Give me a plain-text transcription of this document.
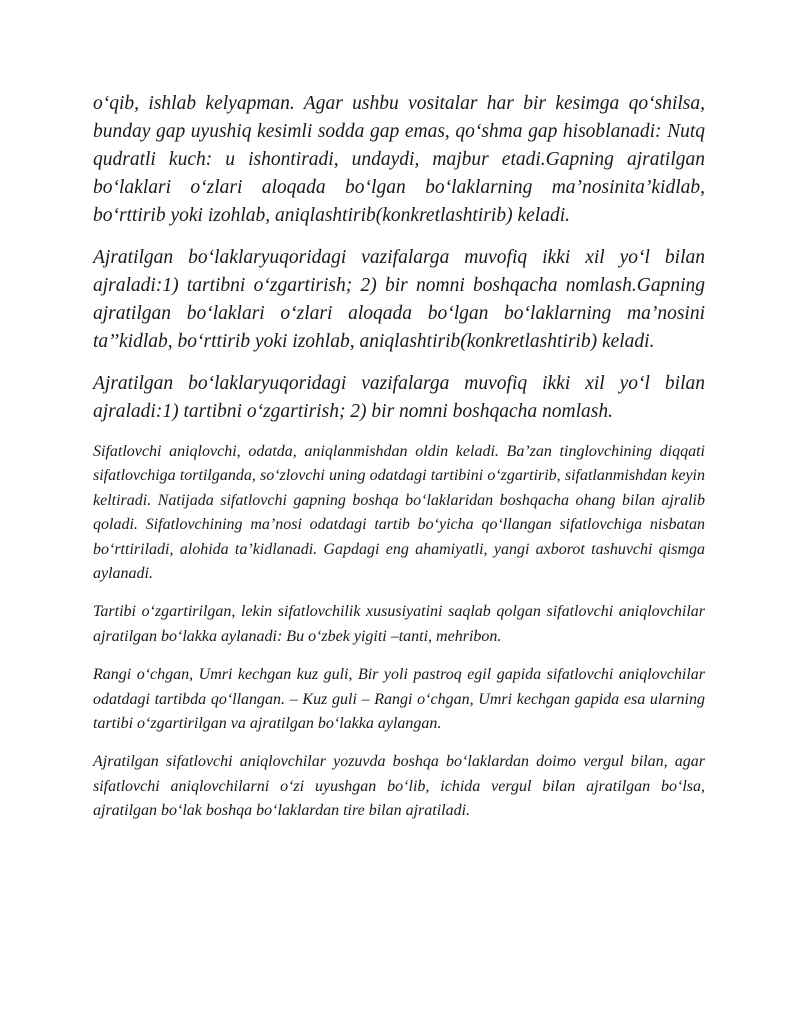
o‘qib, ishlab kelyapman. Agar ushbu vositalar har bir kesimga qo‘shilsa, bunday gap uyushiq kesimli sodda gap emas, qo‘shma gap hisoblanadi: Nutq qudratli kuch: u ishontiradi, undaydi, majbur etadi.Gapning ajratilgan bo‘laklari o‘zlari aloqada bo‘lgan bo‘laklarning ma’nosinita’kidlab, bo‘rttirib yoki izohlab, aniqlashtirib(konkretlashtirib) keladi.

Ajratilgan bo‘laklaryuqoridagi vazifalarga muvofiq ikki xil yo‘l bilan ajraladi:1) tartibni o‘zgartirish; 2) bir nomni boshqacha nomlash.Gapning ajratilgan bo‘laklari o‘zlari aloqada bo‘lgan bo‘laklarning ma’nosini ta’’kidlab, bo‘rttirib yoki izohlab, aniqlashtirib(konkretlashtirib) keladi.

Ajratilgan bo‘laklaryuqoridagi vazifalarga muvofiq ikki xil yo‘l bilan ajraladi:1) tartibni o‘zgartirish; 2) bir nomni boshqacha nomlash.

Sifatlovchi aniqlovchi, odatda, aniqlanmishdan oldin keladi. Ba’zan tinglovchining diqqati sifatlovchiga tortilganda, so‘zlovchi uning odatdagi tartibini o‘zgartirib, sifatlanmishdan keyin keltiradi. Natijada sifatlovchi gapning boshqa bo‘laklaridan boshqacha ohang bilan ajralib qoladi. Sifatlovchining ma’nosi odatdagi tartib bo‘yicha qo‘llangan sifatlovchiga nisbatan bo‘rttiriladi, alohida ta’kidlanadi. Gapdagi eng ahamiyatli, yangi axborot tashuvchi qismga aylanadi.

Tartibi o‘zgartirilgan, lekin sifatlovchilik xususiyatini saqlab qolgan sifatlovchi aniqlovchilar ajratilgan bo‘lakka aylanadi: Bu o‘zbek yigiti –tanti, mehribon.

Rangi o‘chgan, Umri kechgan kuz guli, Bir yoli pastroq egil gapida sifatlovchi aniqlovchilar odatdagi tartibda qo‘llangan. – Kuz guli – Rangi o‘chgan, Umri kechgan gapida esa ularning tartibi o‘zgartirilgan va ajratilgan bo‘lakka aylangan.

Ajratilgan sifatlovchi aniqlovchilar yozuvda boshqa bo‘laklardan doimo vergul bilan, agar sifatlovchi aniqlovchilarni o‘zi uyushgan bo‘lib, ichida vergul bilan ajratilgan bo‘lsa, ajratilgan bo‘lak boshqa bo‘laklardan tire bilan ajratiladi.
